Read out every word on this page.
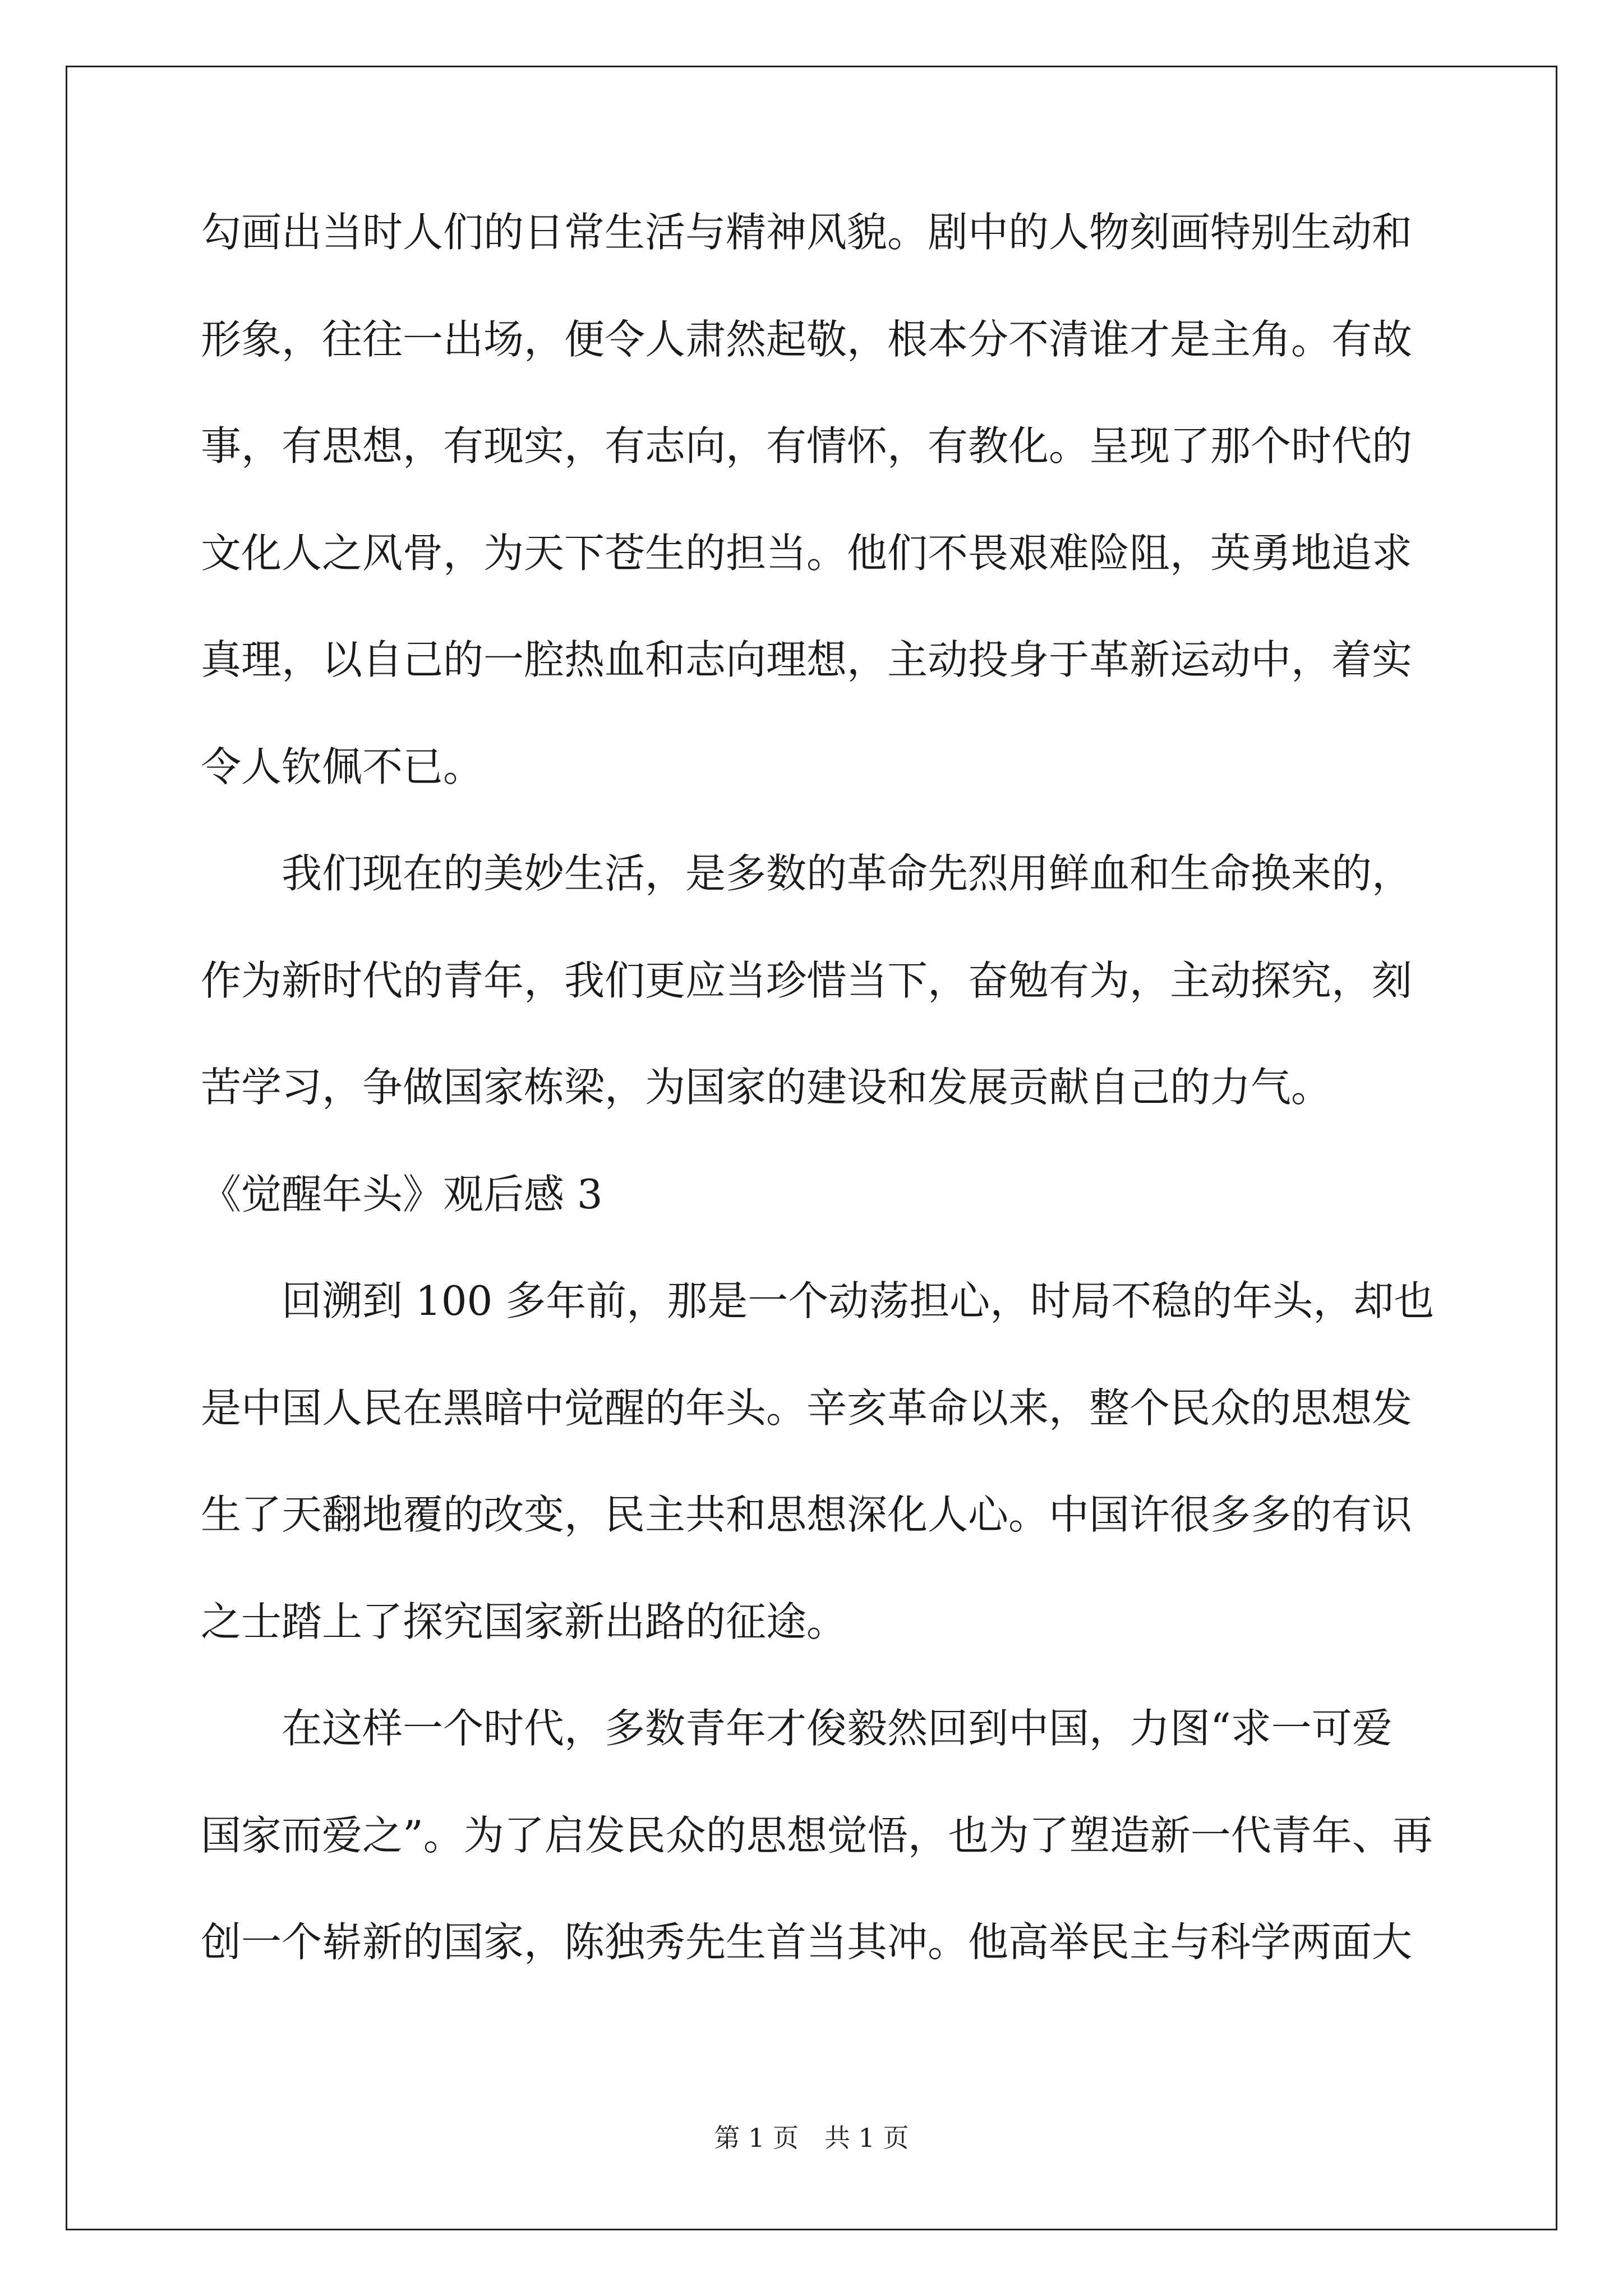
勾画出当时人们的日常生活与精神风貌。剧中的人物刻画特别生动和
形象，往往一出场，便令人肃然起敬，根本分不清谁才是主角。有故
事，有思想，有现实，有志向，有情怀，有教化。呈现了那个时代的
文化人之风骨，为天下苍生的担当。他们不畏艰难险阻，英勇地追求
真理，以自己的一腔热血和志向理想，主动投身于革新运动中，着实
令人钦佩不已。
我们现在的美妙生活，是多数的革命先烈用鲜血和生命换来的，
作为新时代的青年，我们更应当珍惜当下，奋勉有为，主动探究，刻
苦学习，争做国家栋梁，为国家的建设和发展贡献自己的力气。
《觉醒年头》观后感 3
回溯到 100 多年前，那是一个动荡担心，时局不稳的年头，却也
是中国人民在黑暗中觉醒的年头。辛亥革命以来，整个民众的思想发
生了天翻地覆的改变，民主共和思想深化人心。中国许很多多的有识
之士踏上了探究国家新出路的征途。
在这样一个时代，多数青年才俊毅然回到中国，力图“求一可爱
国家而爱之”。为了启发民众的思想觉悟，也为了塑造新一代青年、再
创一个崭新的国家，陈独秀先生首当其冲。他高举民主与科学两面大
第 1 页 共 1 页
